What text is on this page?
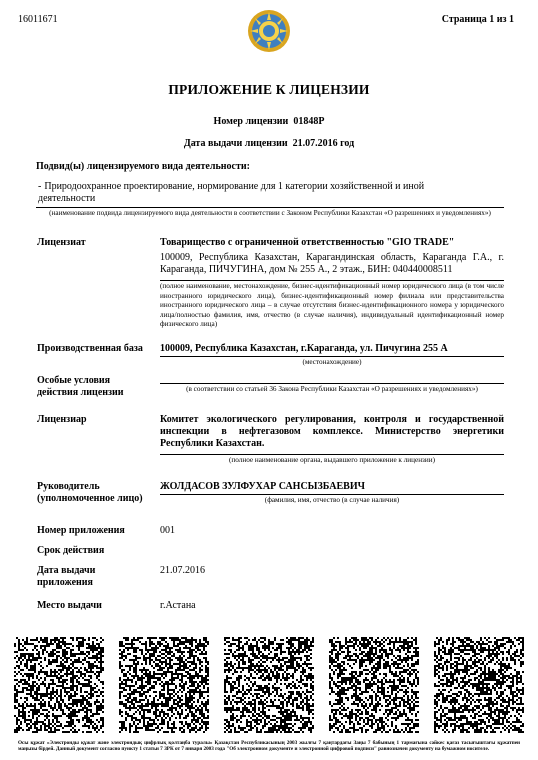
16011671	Страница 1 из 1
ПРИЛОЖЕНИЕ К ЛИЦЕНЗИИ
Номер лицензии 01848P
Дата выдачи лицензии 21.07.2016 год
Подвид(ы) лицензируемого вида деятельности:
- Природоохранное проектирование, нормирование для 1 категории хозяйственной и иной деятельности
(наименование подвида лицензируемого вида деятельности в соответствии с Законом Республики Казахстан «О разрешениях и уведомлениях»)
Лицензиат	Товарищество с ограниченной ответственностью "GIO TRADE"
100009, Республика Казахстан, Карагандинская область, Караганда Г.А., г. Караганда, ПИЧУГИНА, дом № 255 А., 2 этаж., БИН: 040440008511
(полное наименование, местонахождение, бизнес-идентификационный номер юридического лица (в том числе иностранного юридического лица), бизнес-идентификационный номер филиала или представительства иностранного юридического лица – в случае отсутствия бизнес-идентификационного номера у юридического лица/полностью фамилия, имя, отчество (в случае наличия), индивидуальный идентификационный номер физического лица)
Производственная база 100009, Республика Казахстан, г.Караганда, ул. Пичугина 255 А
(местонахождение)
Особые условия
действия лицензии	(в соответствии со статьей 36 Закона Республики Казахстан «О разрешениях и уведомлениях»)
Лицензиар	Комитет экологического регулирования, контроля и государственной инспекции в нефтегазовом комплексе. Министерство энергетики Республики Казахстан.
(полное наименование органа, выдавшего приложение к лицензии)
Руководитель
(уполномоченное лицо)
ЖОЛДАСОВ ЗУЛФУХАР САНСЫЗБАЕВИЧ
(фамилия, имя, отчество (в случае наличия)
Номер приложения	001
Срок действия
Дата выдачи
приложения
21.07.2016
Место выдачи	г.Астана
Осы құжат «Электронды құжат және электрондық цифрлық қолтаңба туралы» Қазақстан Республикасының 2003 жылғы 7 қаңтардағы Заңы 7 бабының 1 тармағына сәйкес қағаз тасығыштағы құжатпен маңызы бірдей. Данный документ согласно пункту 1 статьи 7 ЗРК от 7 января 2003 года "Об электронном документе и электронной цифровой подписи" равнозначен документу на бумажном носителе.
